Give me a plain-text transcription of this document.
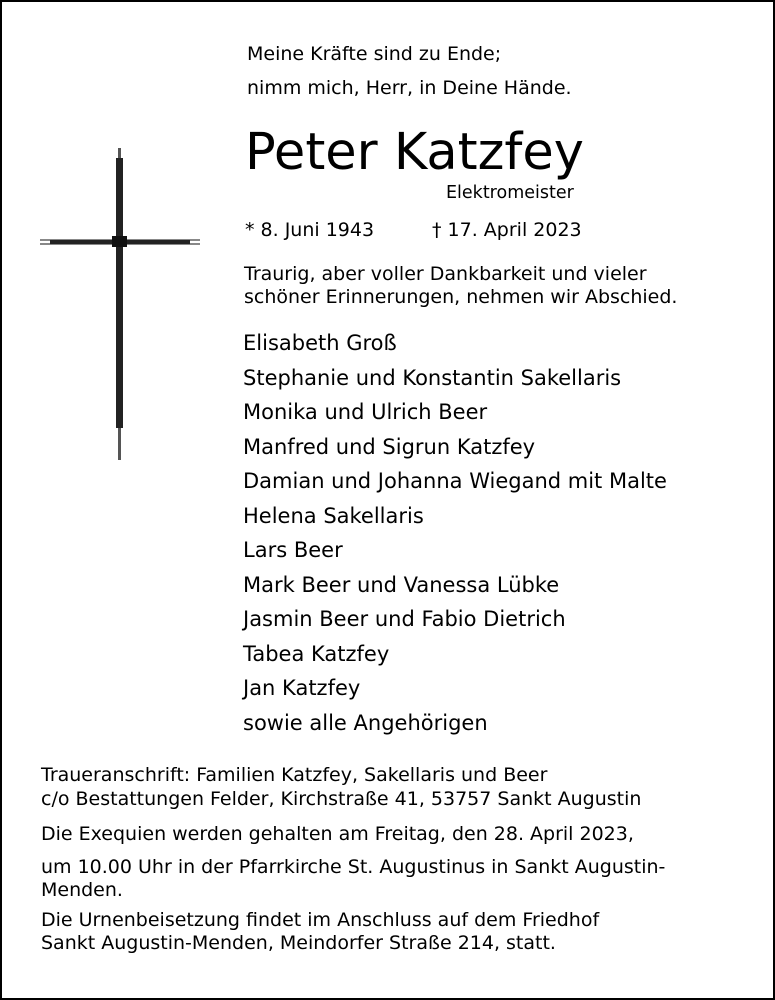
Meine Kräfte sind zu Ende;
nimm mich, Herr, in Deine Hände.
Peter Katzfey
Elektromeister
* 8. Juni 1943	† 17. April 2023
Traurig, aber voller Dankbarkeit und vieler
schöner Erinnerungen, nehmen wir Abschied.
Elisabeth Groß
Stephanie und Konstantin Sakellaris
Monika und Ulrich Beer
Manfred und Sigrun Katzfey
Damian und Johanna Wiegand mit Malte
Helena Sakellaris
Lars Beer
Mark Beer und Vanessa Lübke
Jasmin Beer und Fabio Dietrich
Tabea Katzfey
Jan Katzfey
sowie alle Angehörigen
Traueranschrift: Familien Katzfey, Sakellaris und Beer
c/o Bestattungen Felder, Kirchstraße 41, 53757 Sankt Augustin
Die Exequien werden gehalten am Freitag, den 28. April 2023,
um 10.00 Uhr in der Pfarrkirche St. Augustinus in Sankt Augustin-
Menden.
Die Urnenbeisetzung findet im Anschluss auf dem Friedhof
Sankt Augustin-Menden, Meindorfer Straße 214, statt.
